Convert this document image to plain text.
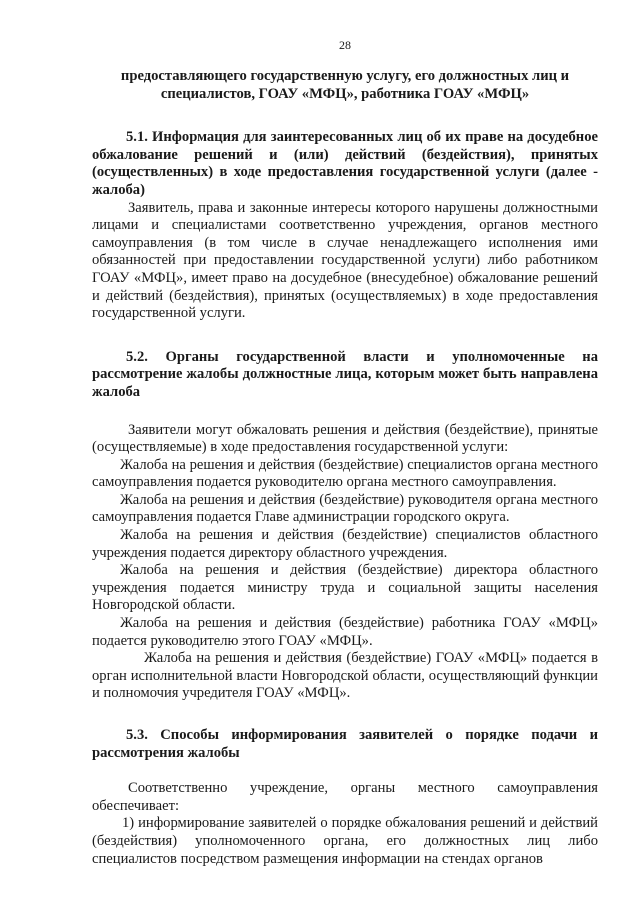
28
предоставляющего государственную услугу, его должностных лиц и специалистов, ГОАУ «МФЦ», работника ГОАУ «МФЦ»
5.1. Информация для заинтересованных лиц об их праве на досудебное обжалование решений и (или) действий (бездействия), принятых (осуществленных) в ходе предоставления государственной услуги (далее - жалоба)

Заявитель, права и законные интересы которого нарушены должностными лицами и специалистами соответственно учреждения, органов местного самоуправления (в том числе в случае ненадлежащего исполнения ими обязанностей при предоставлении государственной услуги) либо работником ГОАУ «МФЦ», имеет право на досудебное (внесудебное) обжалование решений и действий (бездействия), принятых (осуществляемых) в ходе предоставления государственной услуги.

5.2. Органы государственной власти и уполномоченные на рассмотрение жалобы должностные лица, которым может быть направлена жалоба

Заявители могут обжаловать решения и действия (бездействие), принятые (осуществляемые) в ходе предоставления государственной услуги:

Жалоба на решения и действия (бездействие) специалистов органа местного самоуправления подается руководителю органа местного самоуправления.

Жалоба на решения и действия (бездействие) руководителя органа местного самоуправления подается Главе администрации городского округа.

Жалоба на решения и действия (бездействие) специалистов областного учреждения подается директору областного учреждения.

Жалоба на решения и действия (бездействие) директора областного учреждения подается министру труда и социальной защиты населения Новгородской области.

Жалоба на решения и действия (бездействие) работника ГОАУ «МФЦ» подается руководителю этого ГОАУ «МФЦ».

Жалоба на решения и действия (бездействие) ГОАУ «МФЦ» подается в орган исполнительной власти Новгородской области, осуществляющий функции и полномочия учредителя ГОАУ «МФЦ».

5.3. Способы информирования заявителей о порядке подачи и рассмотрения жалобы

Соответственно учреждение, органы местного самоуправления обеспечивает:

1) информирование заявителей о порядке обжалования решений и действий (бездействия) уполномоченного органа, его должностных лиц либо специалистов посредством размещения информации на стендах органов
